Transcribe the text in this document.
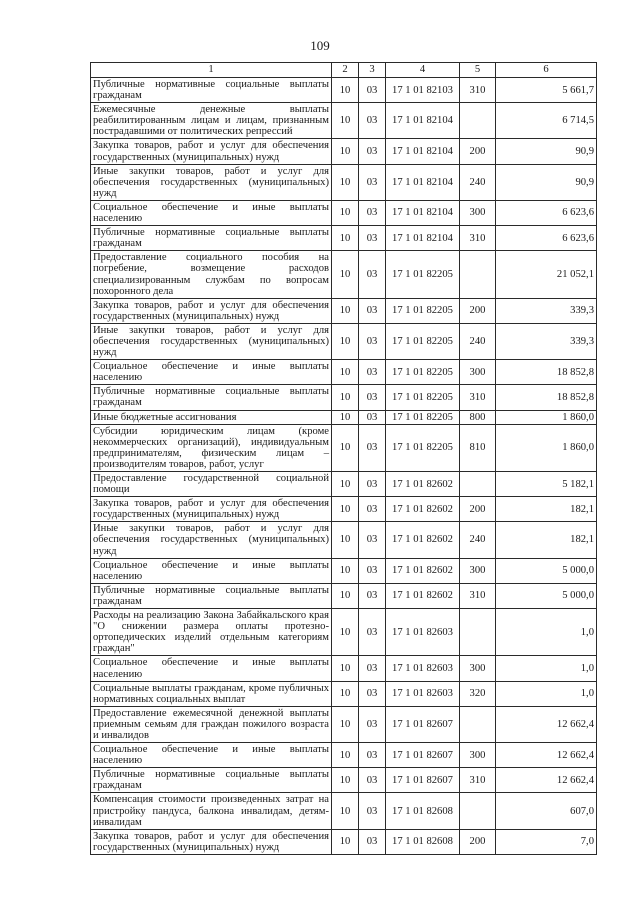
109
1	2	3	4	5	6
Публичные нормативные социальные выплаты гражданам	10	03	17 1 01 82103	310	5 661,7
Ежемесячные денежные выплаты реабилитированным лицам и лицам, признанным пострадавшими от политических репрессий	10	03	17 1 01 82104		6 714,5
Закупка товаров, работ и услуг для обеспечения государственных (муниципальных) нужд	10	03	17 1 01 82104	200	90,9
Иные закупки товаров, работ и услуг для обеспечения государственных (муниципальных) нужд	10	03	17 1 01 82104	240	90,9
Социальное обеспечение и иные выплаты населению	10	03	17 1 01 82104	300	6 623,6
Публичные нормативные социальные выплаты гражданам	10	03	17 1 01 82104	310	6 623,6
Предоставление социального пособия на погребение, возмещение расходов специализированным службам по вопросам похоронного дела	10	03	17 1 01 82205		21 052,1
Закупка товаров, работ и услуг для обеспечения государственных (муниципальных) нужд	10	03	17 1 01 82205	200	339,3
Иные закупки товаров, работ и услуг для обеспечения государственных (муниципальных) нужд	10	03	17 1 01 82205	240	339,3
Социальное обеспечение и иные выплаты населению	10	03	17 1 01 82205	300	18 852,8
Публичные нормативные социальные выплаты гражданам	10	03	17 1 01 82205	310	18 852,8
Иные бюджетные ассигнования	10	03	17 1 01 82205	800	1 860,0
Субсидии юридическим лицам (кроме некоммерческих организаций), индивидуальным предпринимателям, физическим лицам – производителям товаров, работ, услуг	10	03	17 1 01 82205	810	1 860,0
Предоставление государственной социальной помощи	10	03	17 1 01 82602		5 182,1
Закупка товаров, работ и услуг для обеспечения государственных (муниципальных) нужд	10	03	17 1 01 82602	200	182,1
Иные закупки товаров, работ и услуг для обеспечения государственных (муниципальных) нужд	10	03	17 1 01 82602	240	182,1
Социальное обеспечение и иные выплаты населению	10	03	17 1 01 82602	300	5 000,0
Публичные нормативные социальные выплаты гражданам	10	03	17 1 01 82602	310	5 000,0
Расходы на реализацию Закона Забайкальского края "О снижении размера оплаты протезно-ортопедических изделий отдельным категориям граждан"	10	03	17 1 01 82603		1,0
Социальное обеспечение и иные выплаты населению	10	03	17 1 01 82603	300	1,0
Социальные выплаты гражданам, кроме публичных нормативных социальных выплат	10	03	17 1 01 82603	320	1,0
Предоставление ежемесячной денежной выплаты приемным семьям для граждан пожилого возраста и инвалидов	10	03	17 1 01 82607		12 662,4
Социальное обеспечение и иные выплаты населению	10	03	17 1 01 82607	300	12 662,4
Публичные нормативные социальные выплаты гражданам	10	03	17 1 01 82607	310	12 662,4
Компенсация стоимости произведенных затрат на пристройку пандуса, балкона инвалидам, детям-инвалидам	10	03	17 1 01 82608		607,0
Закупка товаров, работ и услуг для обеспечения государственных (муниципальных) нужд	10	03	17 1 01 82608	200	7,0
